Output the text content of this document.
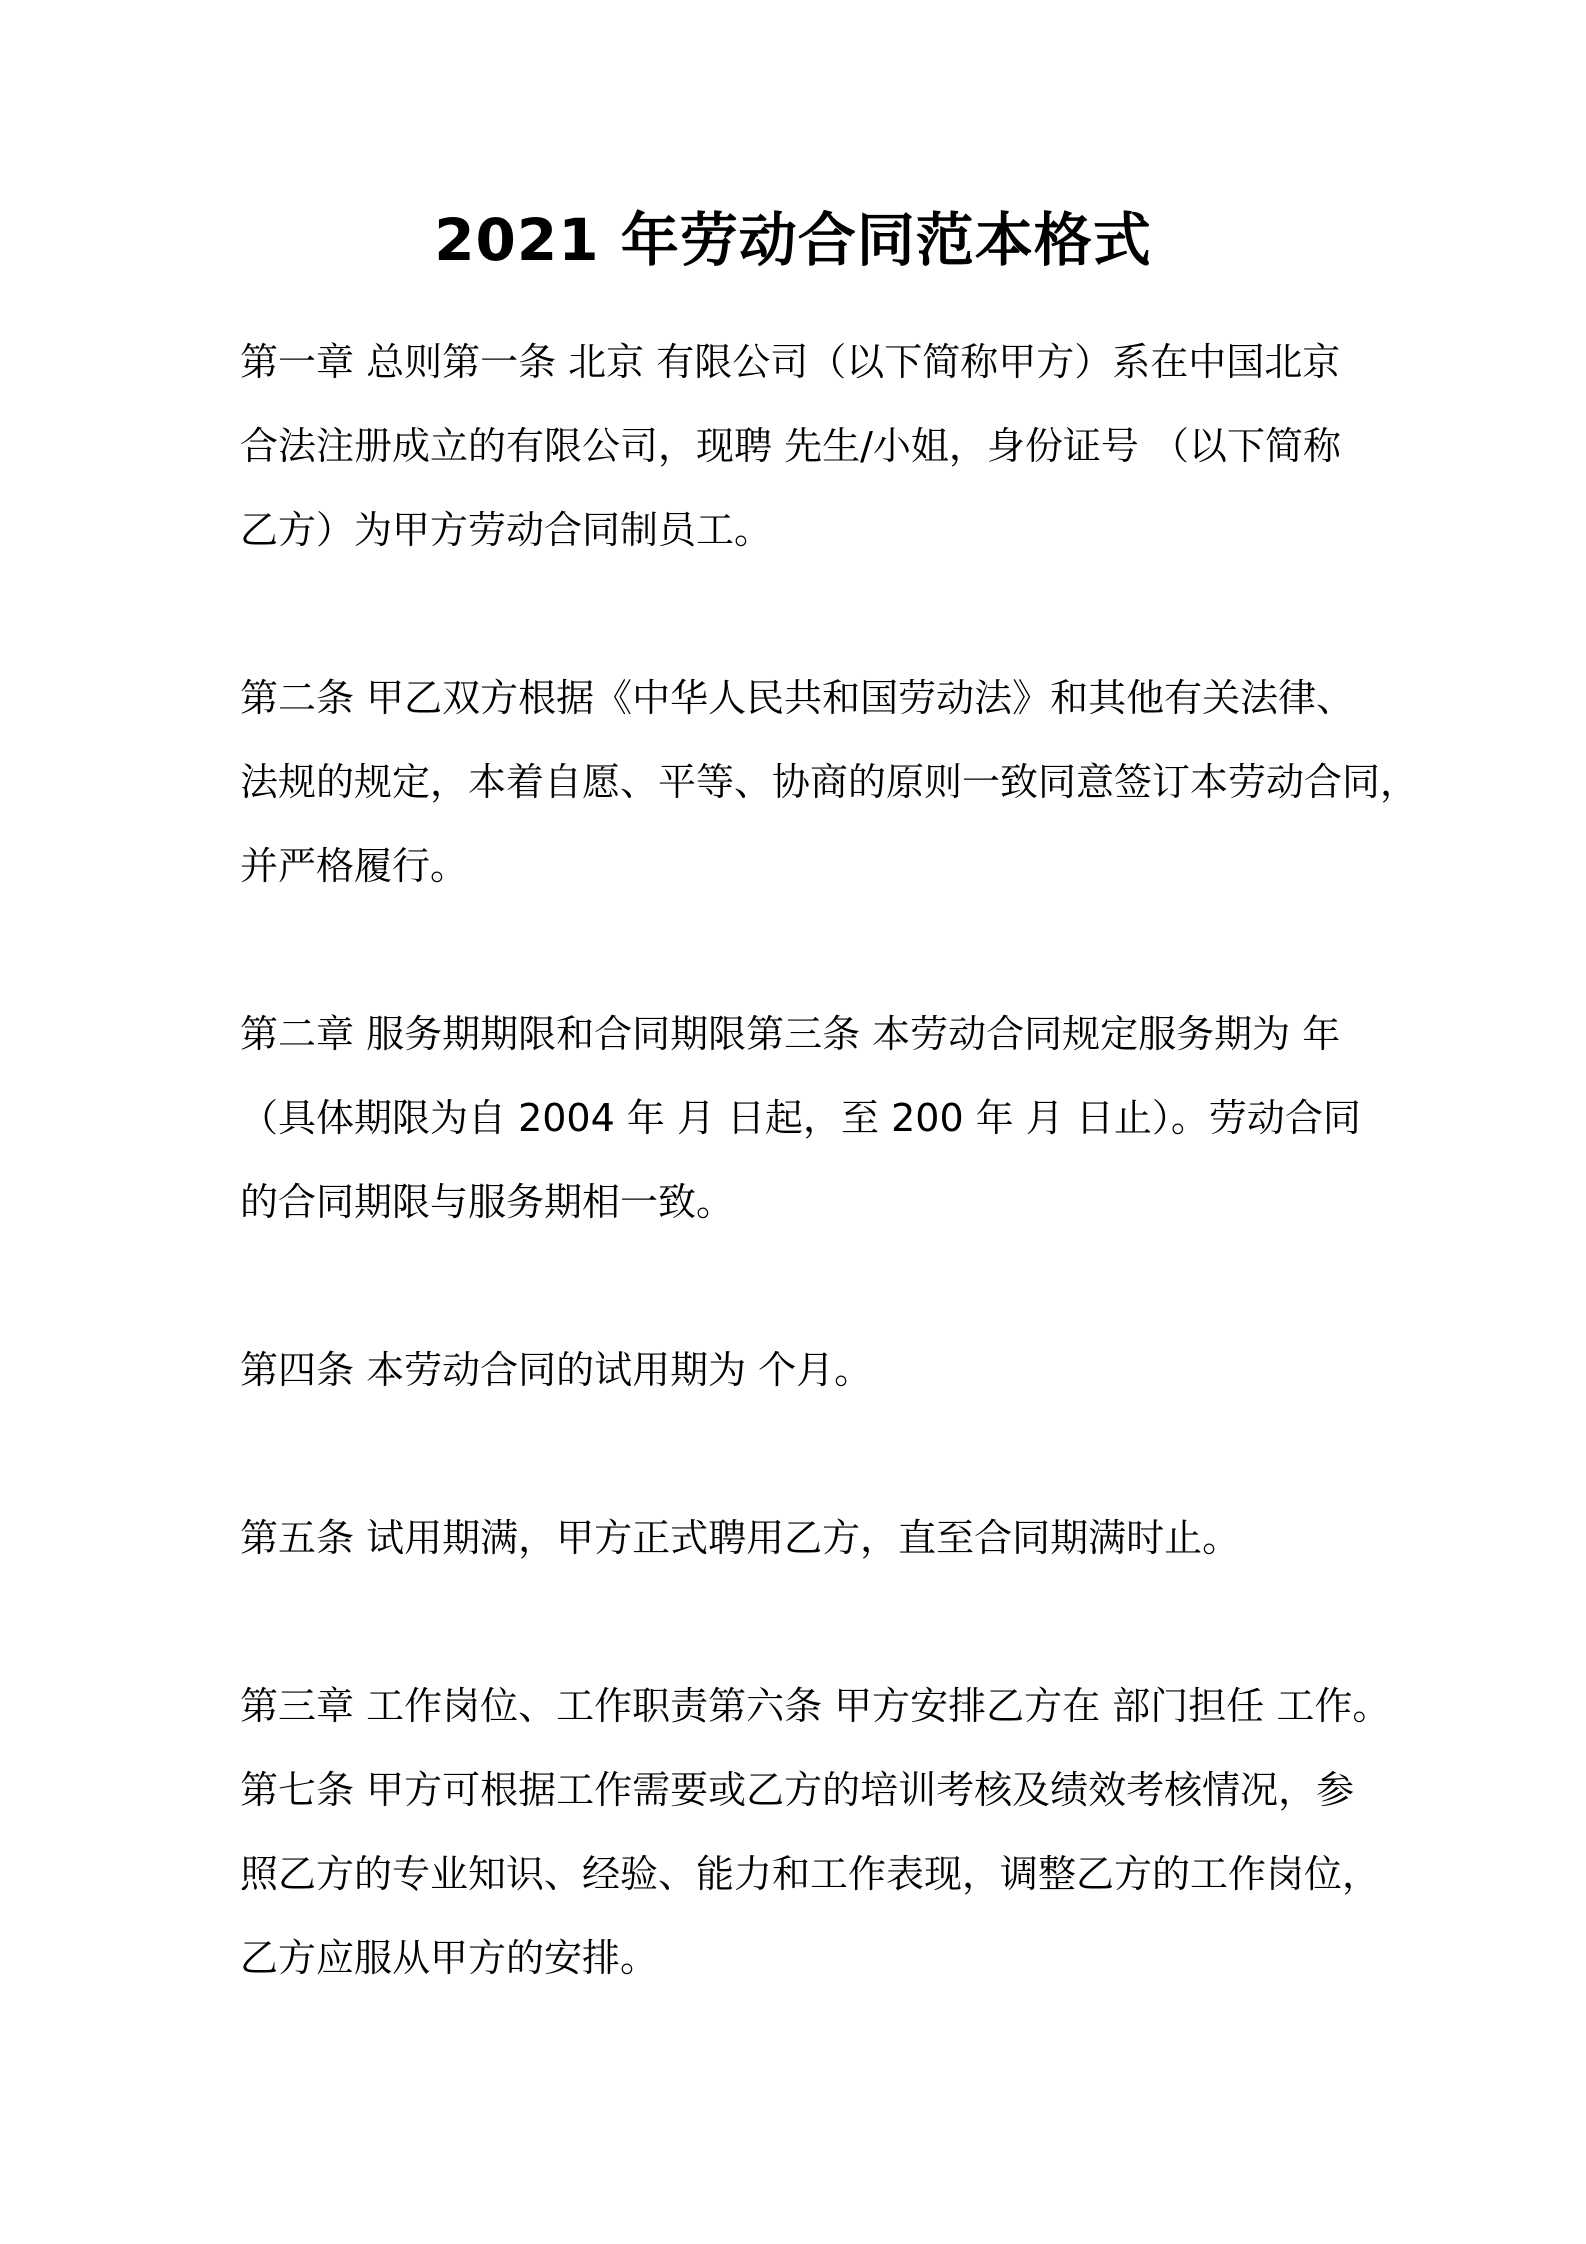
2021 年劳动合同范本格式

第一章 总则第一条 北京 有限公司（以下简称甲方）系在中国北京
合法注册成立的有限公司，现聘 先生/小姐，身份证号 （以下简称
乙方）为甲方劳动合同制员工。

第二条 甲乙双方根据《中华人民共和国劳动法》和其他有关法律、
法规的规定，本着自愿、平等、协商的原则一致同意签订本劳动合同，
并严格履行。

第二章 服务期期限和合同期限第三条 本劳动合同规定服务期为 年
（具体期限为自 2004 年 月 日起，至 200 年 月 日止）。劳动合同
的合同期限与服务期相一致。

第四条 本劳动合同的试用期为 个月。

第五条 试用期满，甲方正式聘用乙方，直至合同期满时止。

第三章 工作岗位、工作职责第六条 甲方安排乙方在 部门担任 工作。
第七条 甲方可根据工作需要或乙方的培训考核及绩效考核情况，参
照乙方的专业知识、经验、能力和工作表现，调整乙方的工作岗位，
乙方应服从甲方的安排。
